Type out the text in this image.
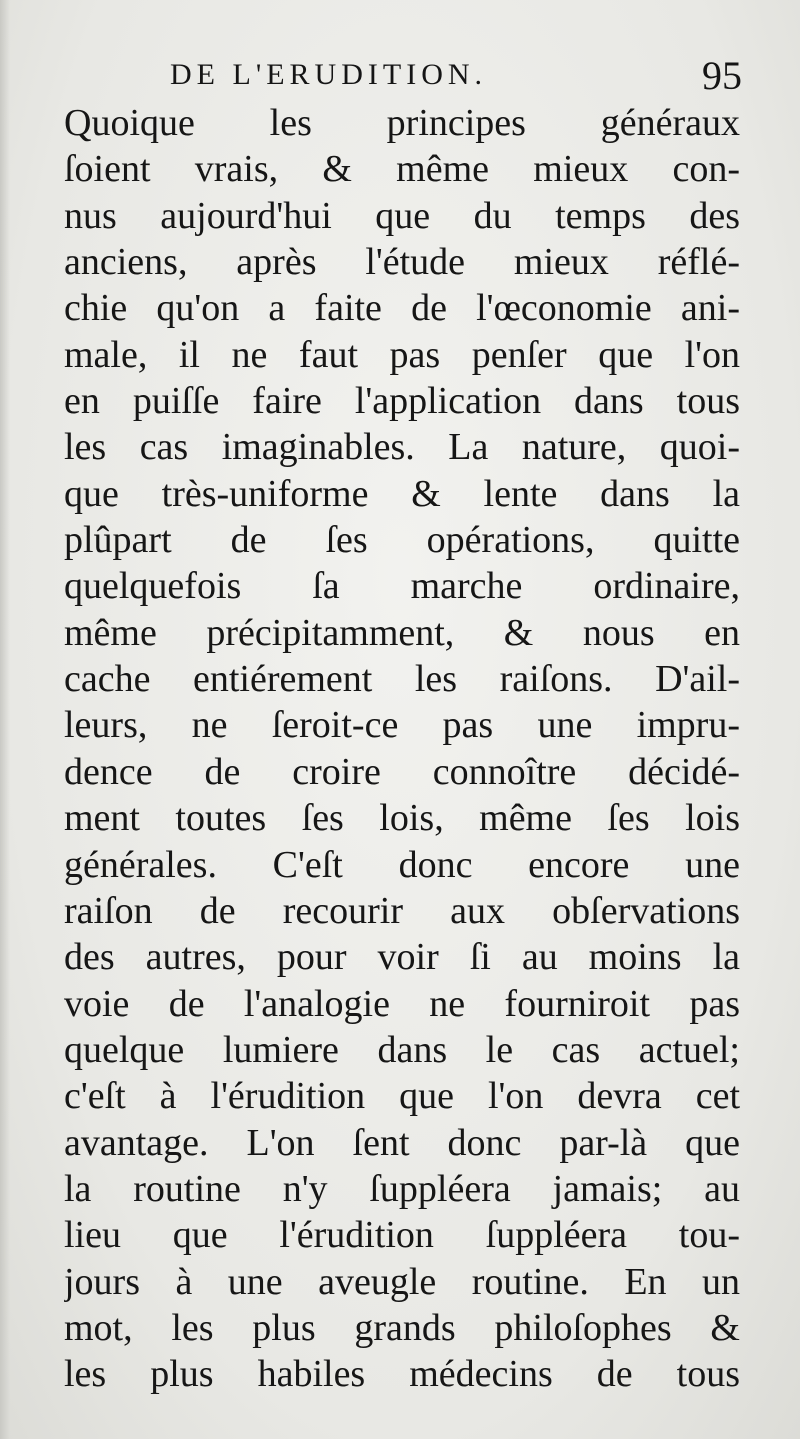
DE L'ERUDITION.	95
Quoique les principes généraux
ſoient vrais, & même mieux con-
nus aujourd'hui que du temps des
anciens, après l'étude mieux réflé-
chie qu'on a faite de l'œconomie ani-
male, il ne faut pas penſer que l'on
en puiſſe faire l'application dans tous
les cas imaginables. La nature, quoi-
que très-uniforme & lente dans la
plûpart de ſes opérations, quitte
quelquefois ſa marche ordinaire,
même précipitamment, & nous en
cache entiérement les raiſons. D'ail-
leurs, ne ſeroit-ce pas une impru-
dence de croire connoître décidé-
ment toutes ſes lois, même ſes lois
générales. C'eſt donc encore une
raiſon de recourir aux obſervations
des autres, pour voir ſi au moins la
voie de l'analogie ne fourniroit pas
quelque lumiere dans le cas actuel;
c'eſt à l'érudition que l'on devra cet
avantage. L'on ſent donc par-là que
la routine n'y ſuppléera jamais; au
lieu que l'érudition ſuppléera tou-
jours à une aveugle routine. En un
mot, les plus grands philoſophes &
les plus habiles médecins de tous
